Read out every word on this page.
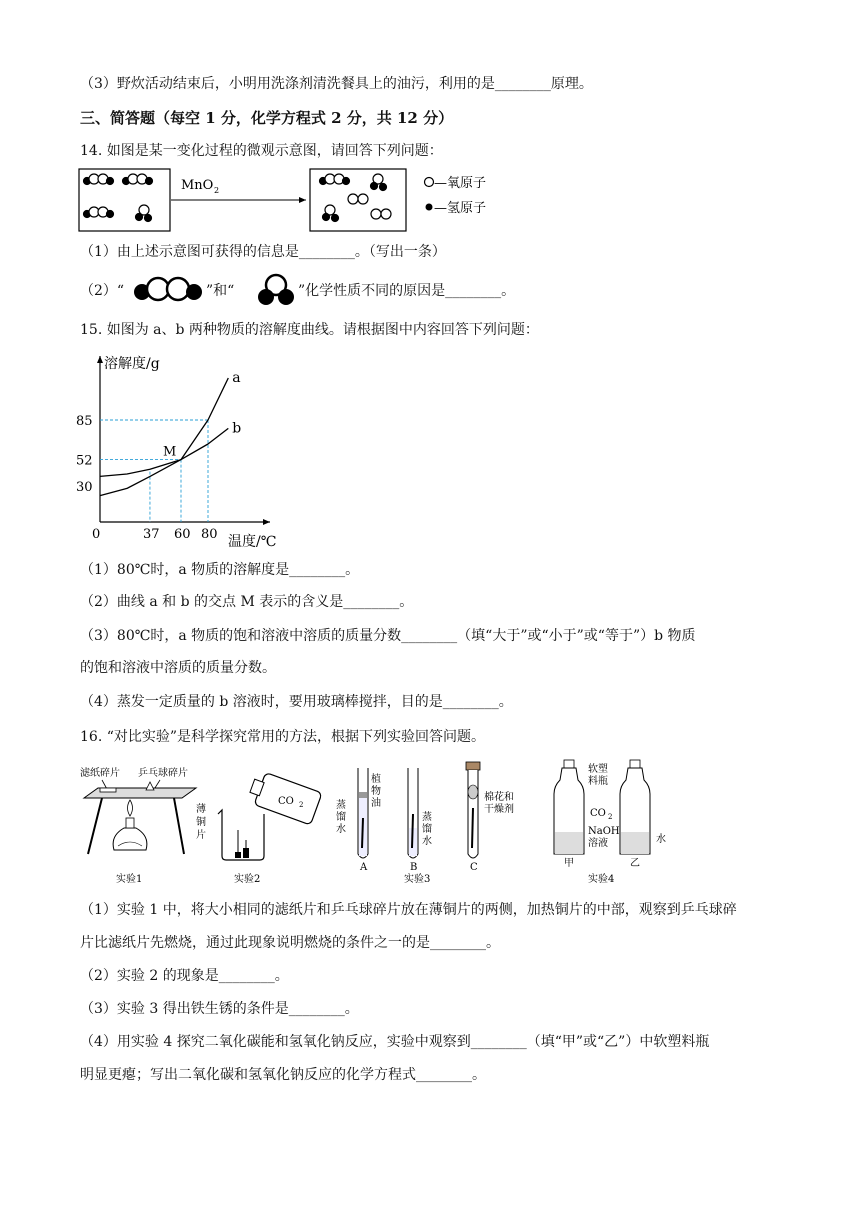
（3）野炊活动结束后，小明用洗涤剂清洗餐具上的油污，利用的是________原理。
三、简答题（每空 1 分，化学方程式 2 分，共 12 分）
14. 如图是某一变化过程的微观示意图，请回答下列问题：
MnO 2	—氧原子
—氢原子
（1）由上述示意图可获得的信息是________。（写出一条）
（2）“	”和“	”化学性质不同的原因是________。
15. 如图为 a、b 两种物质的溶解度曲线。请根据图中内容回答下列问题：
溶解度/g
温度/℃
0	37 60 80
30
52
85
a
b
M
（1）80℃时，a 物质的溶解度是________。
（2）曲线 a 和 b 的交点 M 表示的含义是________。
（3）80℃时，a 物质的饱和溶液中溶质的质量分数________（填“大于”或“小于”或“等于”）b 物质
的饱和溶液中溶质的质量分数。
（4）蒸发一定质量的 b 溶液时，要用玻璃棒搅拌，目的是________。
16. “对比实验”是科学探究常用的方法，根据下列实验回答问题。
滤纸碎片 乒乓球碎片
薄
铜
片
实验1
CO 2
实验2
植
物
油
蒸
馏
水
A
蒸
馏
水
B
棉花和
干燥剂
C
实验3
软塑
料瓶
CO 2
NaOH
溶液	水
甲	乙
实验4
（1）实验 1 中，将大小相同的滤纸片和乒乓球碎片放在薄铜片的两侧，加热铜片的中部，观察到乒乓球碎
片比滤纸片先燃烧，通过此现象说明燃烧的条件之一的是________。
（2）实验 2 的现象是________。
（3）实验 3 得出铁生锈的条件是________。
（4）用实验 4 探究二氧化碳能和氢氧化钠反应，实验中观察到________（填“甲”或“乙”）中软塑料瓶
明显更瘪；写出二氧化碳和氢氧化钠反应的化学方程式________。
